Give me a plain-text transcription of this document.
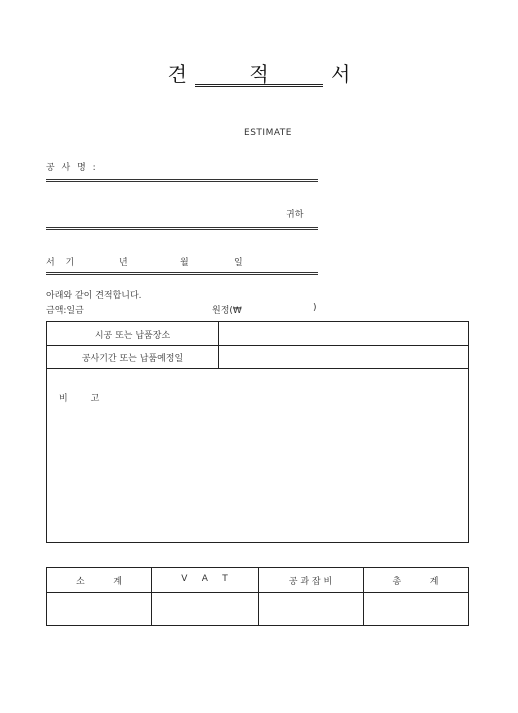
견 적 서
ESTIMATE
공 사 명 :
귀하
서 기	년	월	일
아래와 같이 견적합니다.
금액:일금	원정(₩	)
시공 또는 납품장소
공사기간 또는 납품예정일
비        고
소          계	V     A     T	공 과 잡 비	총          계
